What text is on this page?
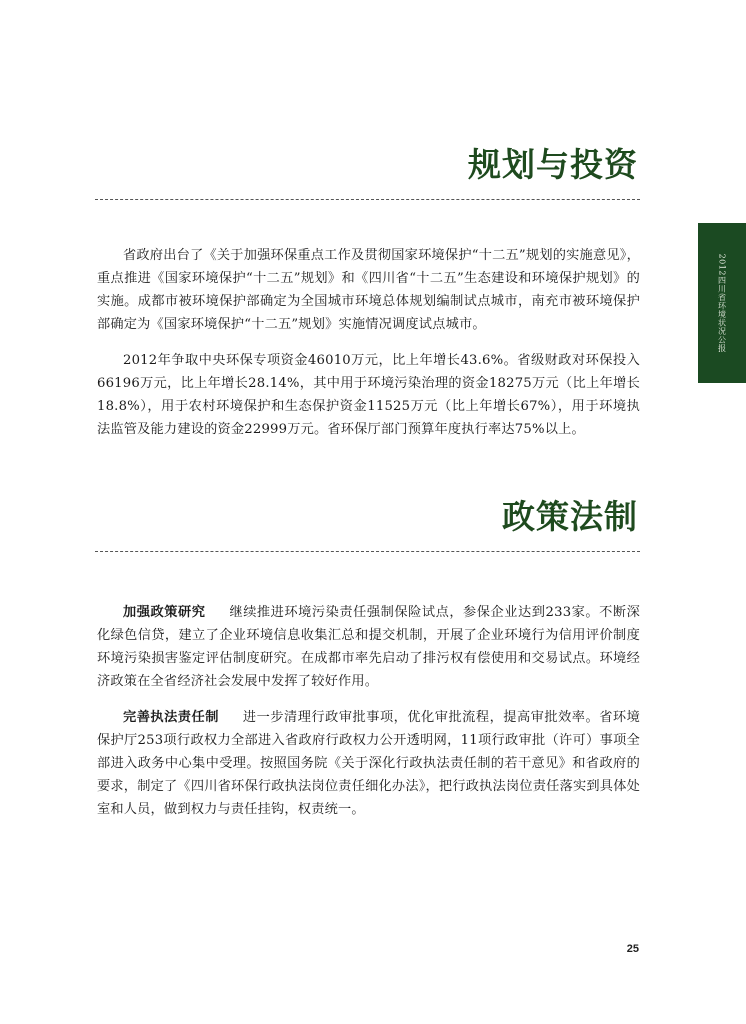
规划与投资

省政府出台了《关于加强环保重点工作及贯彻国家环境保护“十二五”规划的实施意见》，重点推进《国家环境保护“十二五”规划》和《四川省“十二五”生态建设和环境保护规划》的实施。成都市被环境保护部确定为全国城市环境总体规划编制试点城市，南充市被环境保护部确定为《国家环境保护“十二五”规划》实施情况调度试点城市。

2012年争取中央环保专项资金46010万元，比上年增长43.6%。省级财政对环保投入66196万元，比上年增长28.14%，其中用于环境污染治理的资金18275万元（比上年增长18.8%），用于农村环境保护和生态保护资金11525万元（比上年增长67%），用于环境执法监管及能力建设的资金22999万元。省环保厅部门预算年度执行率达75%以上。

政策法制

加强政策研究 继续推进环境污染责任强制保险试点，参保企业达到233家。不断深化绿色信贷，建立了企业环境信息收集汇总和提交机制，开展了企业环境行为信用评价制度环境污染损害鉴定评估制度研究。在成都市率先启动了排污权有偿使用和交易试点。环境经济政策在全省经济社会发展中发挥了较好作用。

完善执法责任制 进一步清理行政审批事项，优化审批流程，提高审批效率。省环境保护厅253项行政权力全部进入省政府行政权力公开透明网，11项行政审批（许可）事项全部进入政务中心集中受理。按照国务院《关于深化行政执法责任制的若干意见》和省政府的要求，制定了《四川省环保行政执法岗位责任细化办法》，把行政执法岗位责任落实到具体处室和人员，做到权力与责任挂钩，权责统一。

2012四川省环境状况公报
25
